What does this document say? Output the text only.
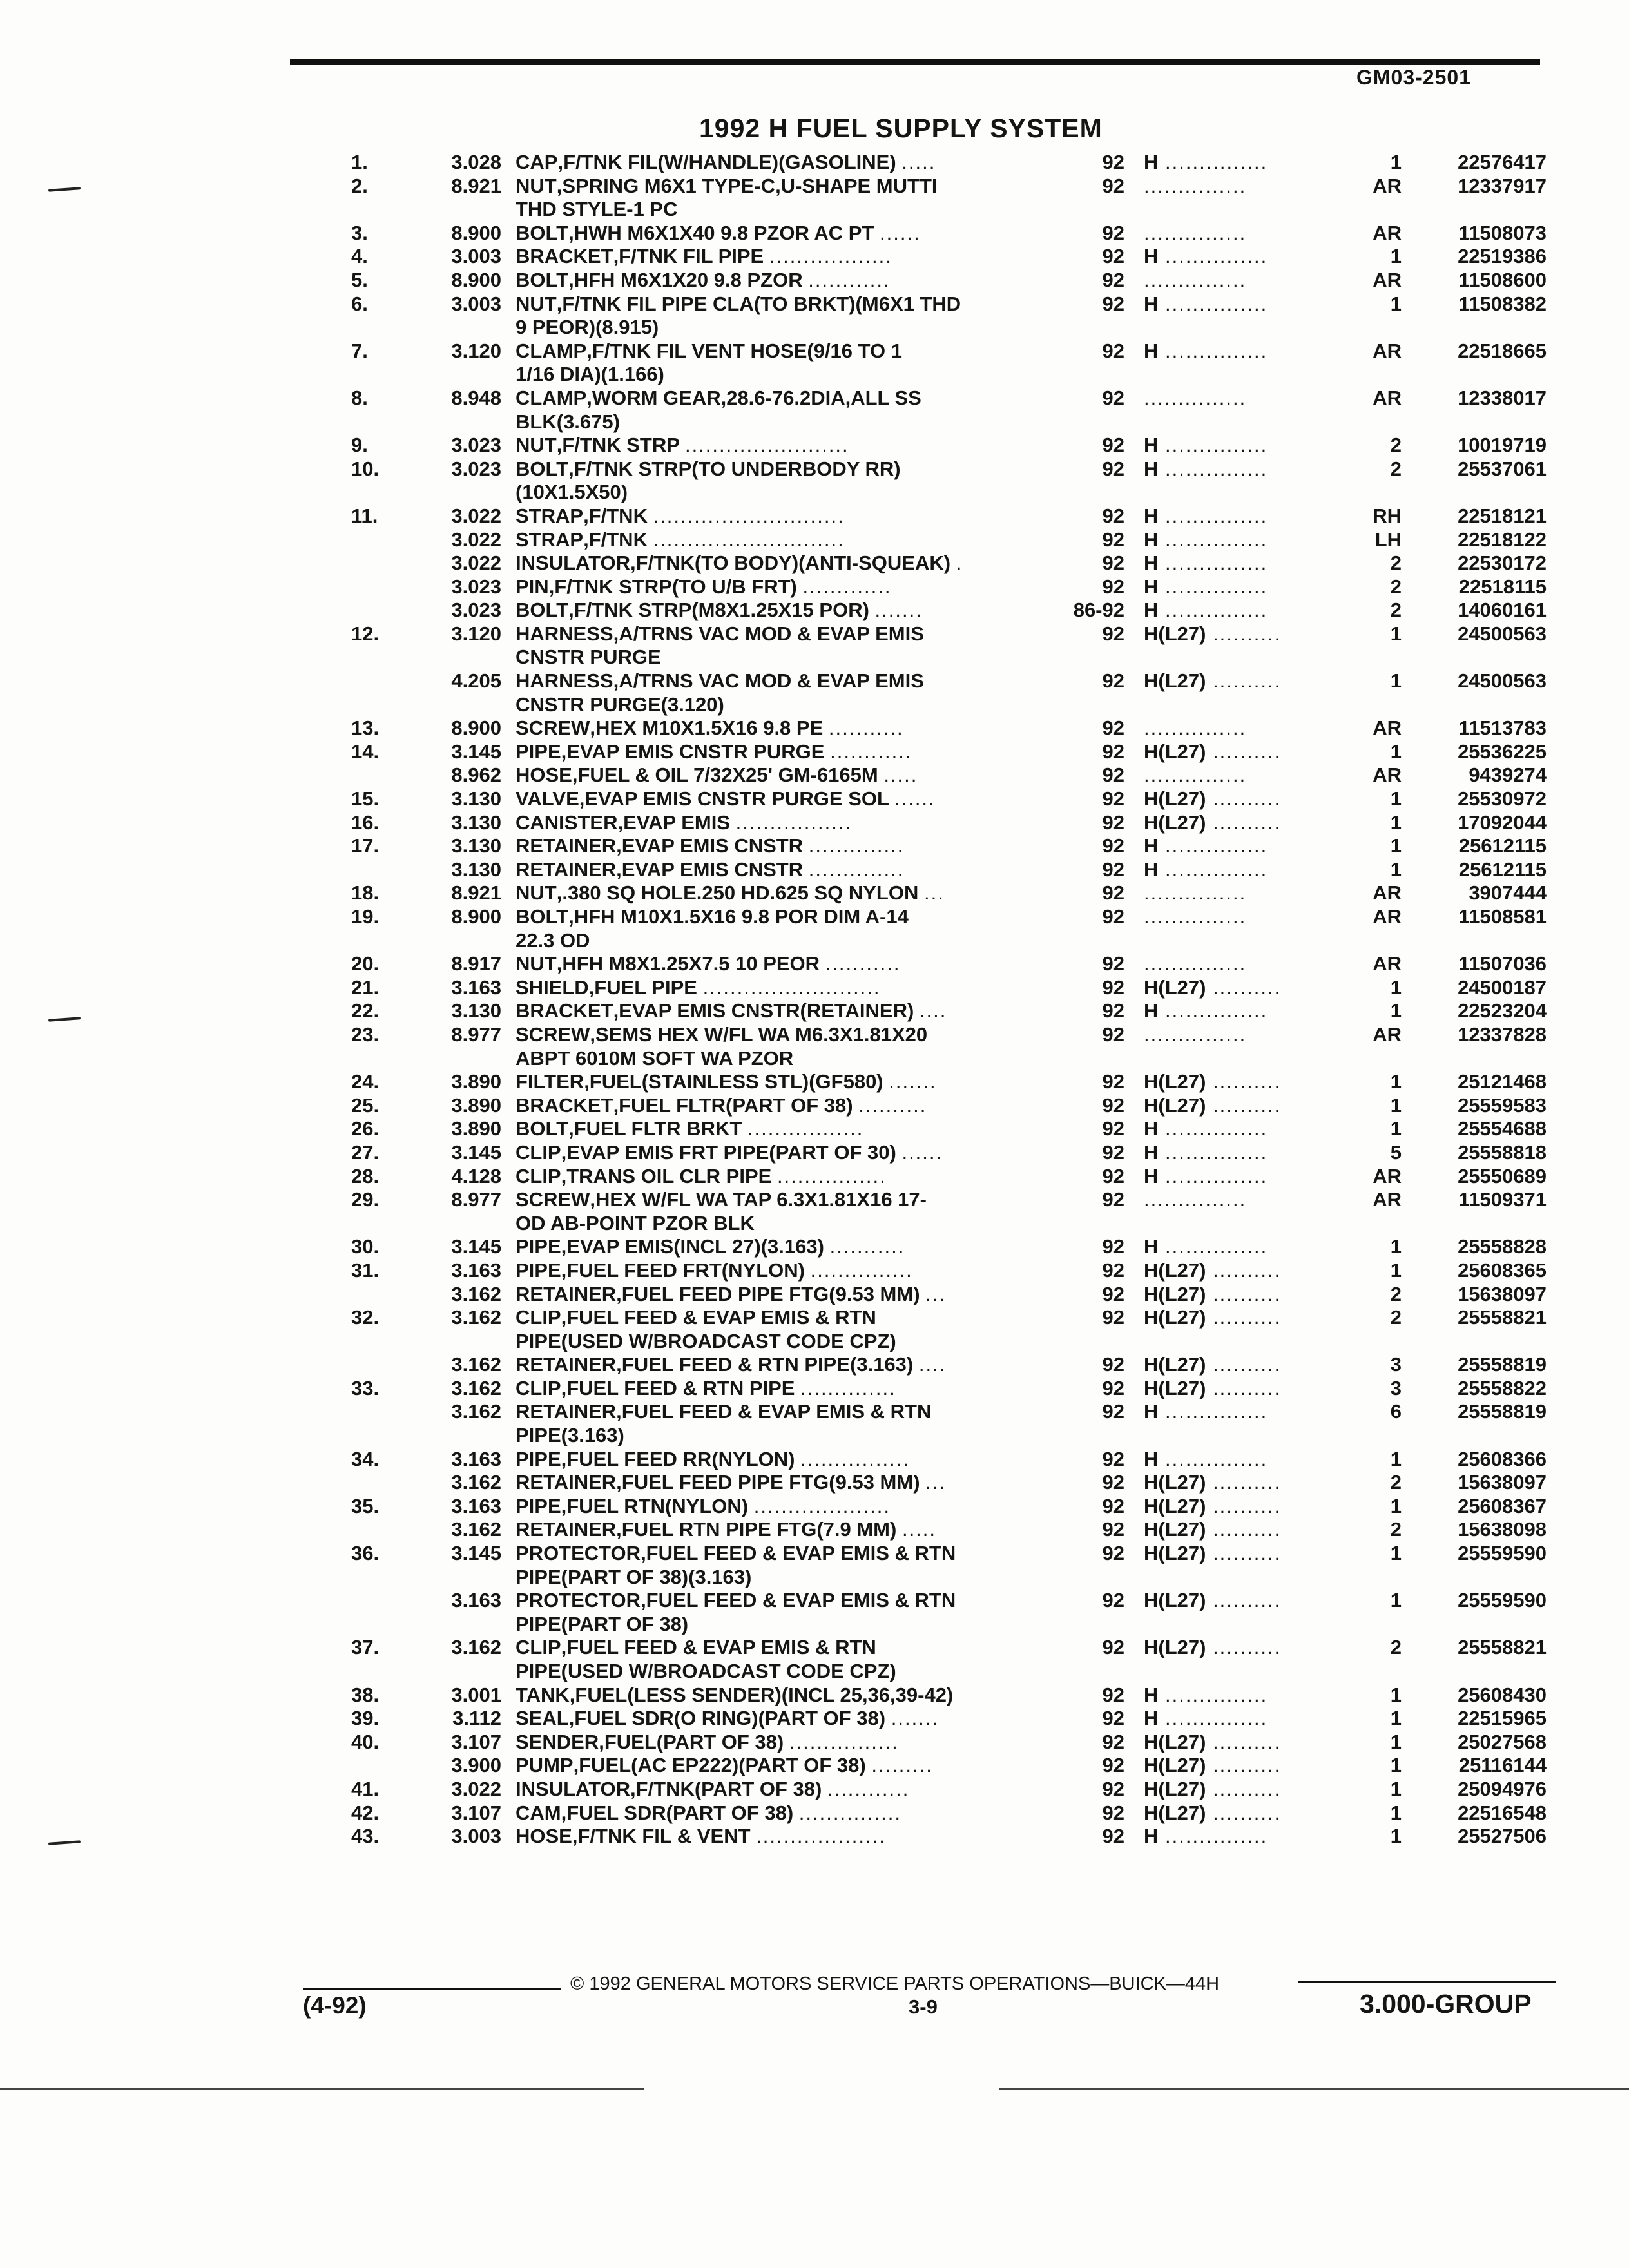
GM03-2501
1992 H FUEL SUPPLY SYSTEM
1.	3.028 CAP,F/TNK FIL(W/HANDLE)(GASOLINE) .....	92 H ...............	1	22576417
2.	8.921 NUT,SPRING M6X1 TYPE-C,U-SHAPE MUTTI	92 ...............	AR	12337917
THD STYLE-1 PC
3.	8.900 BOLT,HWH M6X1X40 9.8 PZOR AC PT ......	92 ...............	AR	11508073
4.	3.003 BRACKET,F/TNK FIL PIPE ..................	92 H ...............	1	22519386
5.	8.900 BOLT,HFH M6X1X20 9.8 PZOR ............	92 ...............	AR	11508600
6.	3.003 NUT,F/TNK FIL PIPE CLA(TO BRKT)(M6X1 THD	92 H ...............	1	11508382
9 PEOR)(8.915)
7.	3.120 CLAMP,F/TNK FIL VENT HOSE(9/16 TO 1	92 H ...............	AR	22518665
1/16 DIA)(1.166)
8.	8.948 CLAMP,WORM GEAR,28.6-76.2DIA,ALL SS	92 ...............	AR	12338017
BLK(3.675)
9.	3.023 NUT,F/TNK STRP ........................	92 H ...............	2	10019719
10.	3.023 BOLT,F/TNK STRP(TO UNDERBODY RR)	92 H ...............	2	25537061
(10X1.5X50)
11.	3.022 STRAP,F/TNK ............................	92 H ...............	RH	22518121
3.022 STRAP,F/TNK ............................	92 H ...............	LH	22518122
3.022 INSULATOR,F/TNK(TO BODY)(ANTI-SQUEAK) .	92 H ...............	2	22530172
3.023 PIN,F/TNK STRP(TO U/B FRT) .............	92 H ...............	2	22518115
3.023 BOLT,F/TNK STRP(M8X1.25X15 POR) .......	86-92 H ...............	2	14060161
12.	3.120 HARNESS,A/TRNS VAC MOD & EVAP EMIS	92 H(L27) ..........	1	24500563
CNSTR PURGE
4.205 HARNESS,A/TRNS VAC MOD & EVAP EMIS	92 H(L27) ..........	1	24500563
CNSTR PURGE(3.120)
13.	8.900 SCREW,HEX M10X1.5X16 9.8 PE ...........	92 ...............	AR	11513783
14.	3.145 PIPE,EVAP EMIS CNSTR PURGE ............	92 H(L27) ..........	1	25536225
8.962 HOSE,FUEL & OIL 7/32X25' GM-6165M .....	92 ...............	AR	9439274
15.	3.130 VALVE,EVAP EMIS CNSTR PURGE SOL ......	92 H(L27) ..........	1	25530972
16.	3.130 CANISTER,EVAP EMIS .................	92 H(L27) ..........	1	17092044
17.	3.130 RETAINER,EVAP EMIS CNSTR ..............	92 H ...............	1	25612115
3.130 RETAINER,EVAP EMIS CNSTR ..............	92 H ...............	1	25612115
18.	8.921 NUT,.380 SQ HOLE.250 HD.625 SQ NYLON ...	92 ...............	AR	3907444
19.	8.900 BOLT,HFH M10X1.5X16 9.8 POR DIM A-14	92 ...............	AR	11508581
22.3 OD
20.	8.917 NUT,HFH M8X1.25X7.5 10 PEOR ...........	92 ...............	AR	11507036
21.	3.163 SHIELD,FUEL PIPE ..........................	92 H(L27) ..........	1	24500187
22.	3.130 BRACKET,EVAP EMIS CNSTR(RETAINER) ....	92 H ...............	1	22523204
23.	8.977 SCREW,SEMS HEX W/FL WA M6.3X1.81X20	92 ...............	AR	12337828
ABPT 6010M SOFT WA PZOR
24.	3.890 FILTER,FUEL(STAINLESS STL)(GF580) .......	92 H(L27) ..........	1	25121468
25.	3.890 BRACKET,FUEL FLTR(PART OF 38) ..........	92 H(L27) ..........	1	25559583
26.	3.890 BOLT,FUEL FLTR BRKT .................	92 H ...............	1	25554688
27.	3.145 CLIP,EVAP EMIS FRT PIPE(PART OF 30) ......	92 H ...............	5	25558818
28.	4.128 CLIP,TRANS OIL CLR PIPE ................	92 H ...............	AR	25550689
29.	8.977 SCREW,HEX W/FL WA TAP 6.3X1.81X16 17-	92 ...............	AR	11509371
OD AB-POINT PZOR BLK
30.	3.145 PIPE,EVAP EMIS(INCL 27)(3.163) ...........	92 H ...............	1	25558828
31.	3.163 PIPE,FUEL FEED FRT(NYLON) ...............	92 H(L27) ..........	1	25608365
3.162 RETAINER,FUEL FEED PIPE FTG(9.53 MM) ...	92 H(L27) ..........	2	15638097
32.	3.162 CLIP,FUEL FEED & EVAP EMIS & RTN	92 H(L27) ..........	2	25558821
PIPE(USED W/BROADCAST CODE CPZ)
3.162 RETAINER,FUEL FEED & RTN PIPE(3.163) ....	92 H(L27) ..........	3	25558819
33.	3.162 CLIP,FUEL FEED & RTN PIPE ..............	92 H(L27) ..........	3	25558822
3.162 RETAINER,FUEL FEED & EVAP EMIS & RTN	92 H ...............	6	25558819
PIPE(3.163)
34.	3.163 PIPE,FUEL FEED RR(NYLON) ................	92 H ...............	1	25608366
3.162 RETAINER,FUEL FEED PIPE FTG(9.53 MM) ...	92 H(L27) ..........	2	15638097
35.	3.163 PIPE,FUEL RTN(NYLON) ....................	92 H(L27) ..........	1	25608367
3.162 RETAINER,FUEL RTN PIPE FTG(7.9 MM) .....	92 H(L27) ..........	2	15638098
36.	3.145 PROTECTOR,FUEL FEED & EVAP EMIS & RTN	92 H(L27) ..........	1	25559590
PIPE(PART OF 38)(3.163)
3.163 PROTECTOR,FUEL FEED & EVAP EMIS & RTN	92 H(L27) ..........	1	25559590
PIPE(PART OF 38)
37.	3.162 CLIP,FUEL FEED & EVAP EMIS & RTN	92 H(L27) ..........	2	25558821
PIPE(USED W/BROADCAST CODE CPZ)
38.	3.001 TANK,FUEL(LESS SENDER)(INCL 25,36,39-42)	92 H ...............	1	25608430
39.	3.112 SEAL,FUEL SDR(O RING)(PART OF 38) .......	92 H ...............	1	22515965
40.	3.107 SENDER,FUEL(PART OF 38) ................	92 H(L27) ..........	1	25027568
3.900 PUMP,FUEL(AC EP222)(PART OF 38) .........	92 H(L27) ..........	1	25116144
41.	3.022 INSULATOR,F/TNK(PART OF 38) ............	92 H(L27) ..........	1	25094976
42.	3.107 CAM,FUEL SDR(PART OF 38) ...............	92 H(L27) ..........	1	22516548
43.	3.003 HOSE,F/TNK FIL & VENT ...................	92 H ...............	1	25527506
© 1992 GENERAL MOTORS SERVICE PARTS OPERATIONS—BUICK—44H
(4-92)	3-9	3.000-GROUP
